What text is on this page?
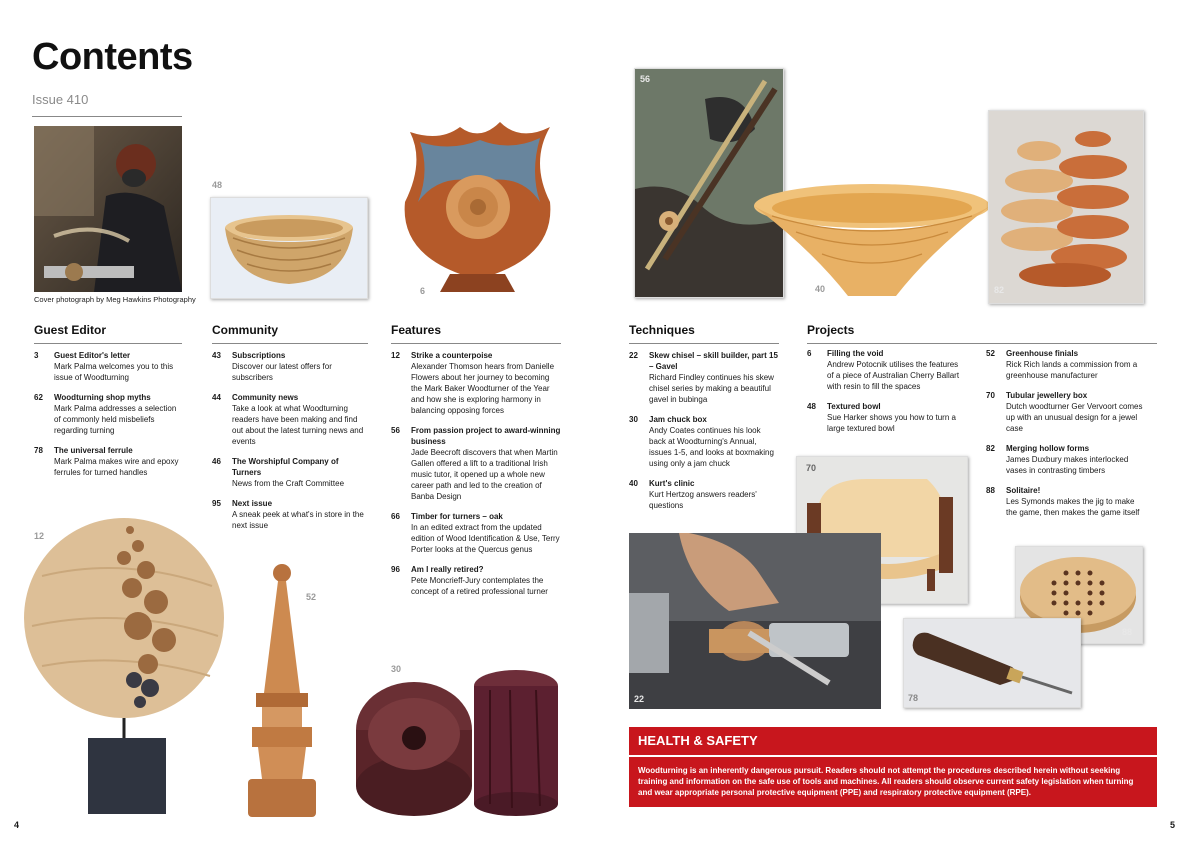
Contents
Issue 410
Cover photograph by Meg Hawkins Photography
48
6
56
40	82
Guest Editor
3	Guest Editor's letter
Mark Palma welcomes you to this issue of Woodturning
62	Woodturning shop myths
Mark Palma addresses a selection of commonly held misbeliefs regarding turning
78	The universal ferrule
Mark Palma makes wire and epoxy ferrules for turned handles
Community
43	Subscriptions
Discover our latest offers for subscribers
44	Community news
Take a look at what Woodturning readers have been making and find out about the latest turning news and events
46	The Worshipful Company of Turners
News from the Craft Committee
95	Next issue
A sneak peek at what's in store in the next issue
Features
12	Strike a counterpoise
Alexander Thomson hears from Danielle Flowers about her journey to becoming the Mark Baker Woodturner of the Year and how she is exploring harmony in balancing opposing forces
56	From passion project to award-winning business
Jade Beecroft discovers that when Martin Gallen offered a lift to a traditional Irish music tutor, it opened up a whole new career path and led to the creation of Banba Design
66	Timber for turners – oak
In an edited extract from the updated edition of Wood Identification & Use, Terry Porter looks at the Quercus genus
96	Am I really retired?
Pete Moncrieff-Jury contemplates the concept of a retired professional turner
Techniques
22	Skew chisel – skill builder, part 15 – Gavel
Richard Findley continues his skew chisel series by making a beautiful gavel in bubinga
30	Jam chuck box
Andy Coates continues his look back at Woodturning's Annual, issues 1-5, and looks at boxmaking using only a jam chuck
40	Kurt's clinic
Kurt Hertzog answers readers' questions
Projects
6	Filling the void
Andrew Potocnik utilises the features of a piece of Australian Cherry Ballart with resin to fill the spaces
48	Textured bowl
Sue Harker shows you how to turn a large textured bowl
52	Greenhouse finials
Rick Rich lands a commission from a greenhouse manufacturer
70	Tubular jewellery box
Dutch woodturner Ger Vervoort comes up with an unusual design for a jewel case
82	Merging hollow forms
James Duxbury makes interlocked vases in contrasting timbers
88	Solitaire!
Les Symonds makes the jig to make the game, then makes the game itself
12
52
30
70
22
88
78
HEALTH & SAFETY
Woodturning is an inherently dangerous pursuit. Readers should not attempt the procedures described herein without seeking training and information on the safe use of tools and machines. All readers should observe current safety legislation when turning and wear appropriate personal protective equipment (PPE) and respiratory protective equipment (RPE).
4	5
